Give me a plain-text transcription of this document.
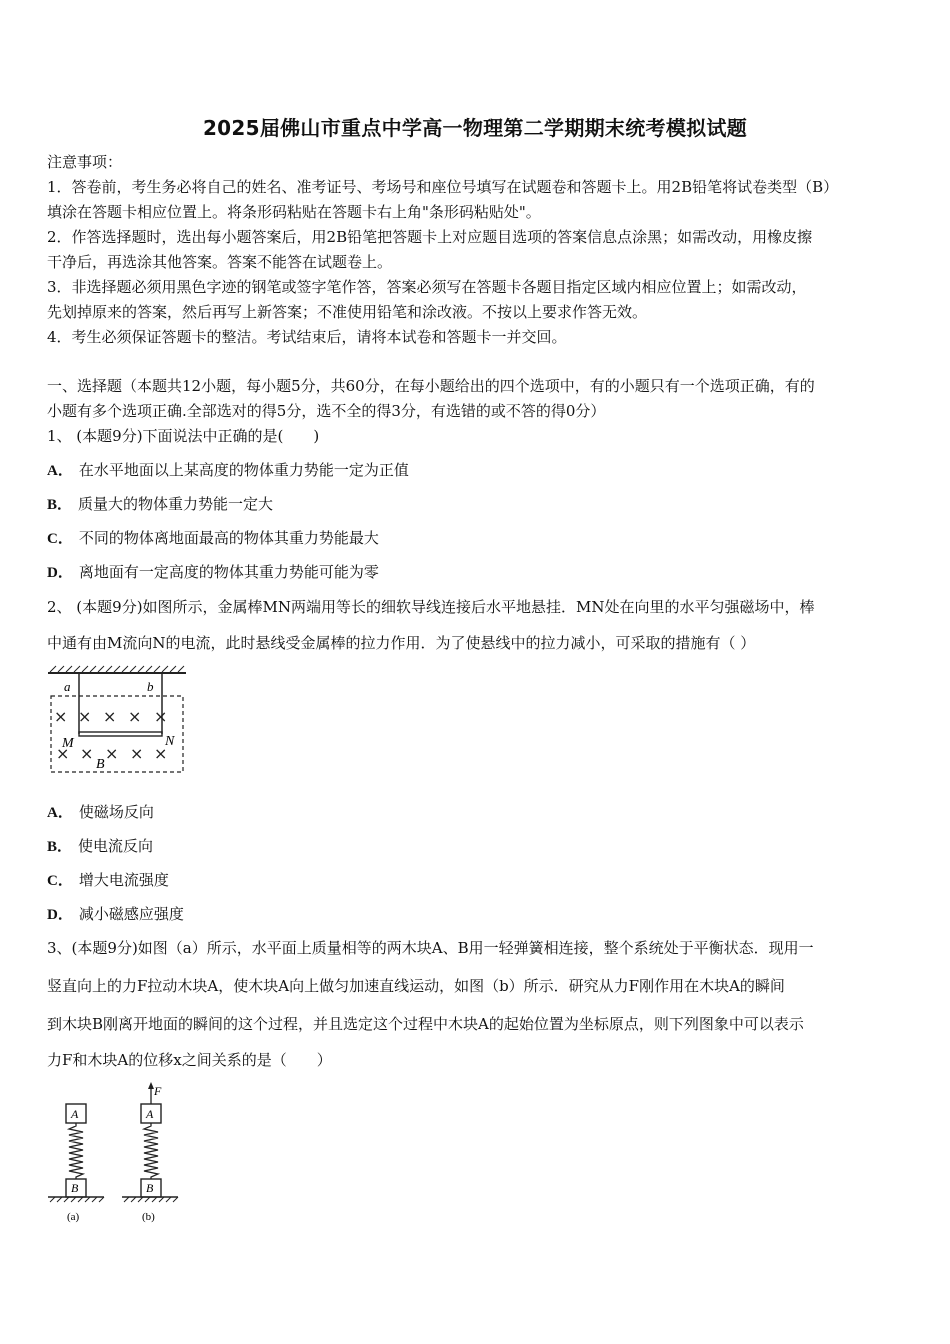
2025届佛山市重点中学高一物理第二学期期末统考模拟试题
注意事项：
1．答卷前，考生务必将自己的姓名、准考证号、考场号和座位号填写在试题卷和答题卡上。用2B铅笔将试卷类型（B）
填涂在答题卡相应位置上。将条形码粘贴在答题卡右上角"条形码粘贴处"。
2．作答选择题时，选出每小题答案后，用2B铅笔把答题卡上对应题目选项的答案信息点涂黑；如需改动，用橡皮擦
干净后，再选涂其他答案。答案不能答在试题卷上。
3．非选择题必须用黑色字迹的钢笔或签字笔作答，答案必须写在答题卡各题目指定区域内相应位置上；如需改动，
先划掉原来的答案，然后再写上新答案；不准使用铅笔和涂改液。不按以上要求作答无效。
4．考生必须保证答题卡的整洁。考试结束后，请将本试卷和答题卡一并交回。
一、选择题（本题共12小题，每小题5分，共60分，在每小题给出的四个选项中，有的小题只有一个选项正确，有的
小题有多个选项正确.全部选对的得5分，选不全的得3分，有选错的或不答的得0分）
1、 (本题9分)下面说法中正确的是(　　)
A． 在水平地面以上某高度的物体重力势能一定为正值
B． 质量大的物体重力势能一定大
C． 不同的物体离地面最高的物体其重力势能最大
D． 离地面有一定高度的物体其重力势能可能为零
2、 (本题9分)如图所示，金属棒MN两端用等长的细软导线连接后水平地悬挂．MN处在向里的水平匀强磁场中，棒
中通有由M流向N的电流，此时悬线受金属棒的拉力作用．为了使悬线中的拉力减小，可采取的措施有（ ）
a	b
M	N
B
× × × × ×
× × × × ×
A． 使磁场反向
B． 使电流反向
C． 增大电流强度
D． 减小磁感应强度
3、(本题9分)如图（a）所示，水平面上质量相等的两木块A、B用一轻弹簧相连接，整个系统处于平衡状态．现用一
竖直向上的力F拉动木块A，使木块A向上做匀加速直线运动，如图（b）所示．研究从力F刚作用在木块A的瞬间
到木块B刚离开地面的瞬间的这个过程，并且选定这个过程中木块A的起始位置为坐标原点，则下列图象中可以表示
力F和木块A的位移x之间关系的是（　　）
A
B
(a)
F
A
B
(b)
